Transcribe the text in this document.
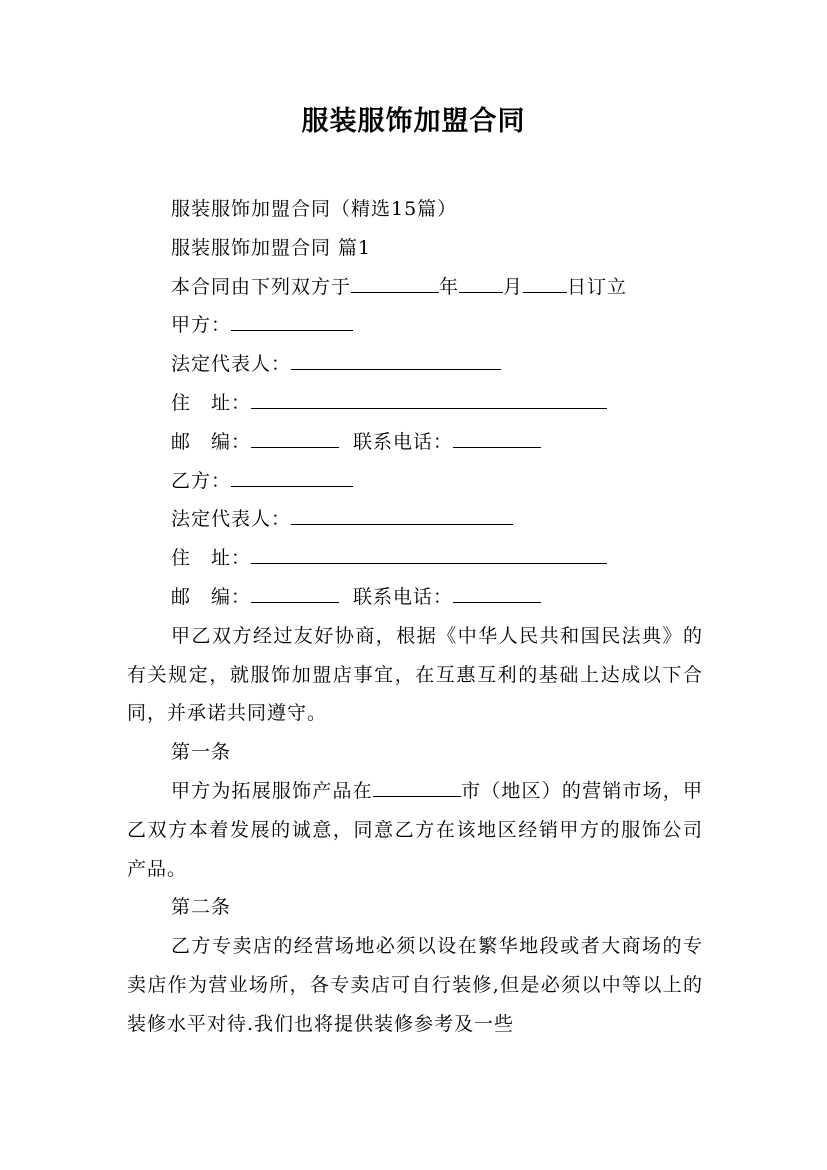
服装服饰加盟合同
服装服饰加盟合同（精选15篇）
服装服饰加盟合同 篇1
本合同由下列双方于	年 月 日订立
甲方：
法定代表人：
住　址：
邮　编：	联系电话：
乙方：
法定代表人：
住　址：
邮　编：	联系电话：
甲乙双方经过友好协商，根据《中华人民共和国民法典》的有关规定，就服饰加盟店事宜，在互惠互利的基础上达成以下合同，并承诺共同遵守。
第一条
甲方为拓展服饰产品在	市（地区）的营销市场，甲乙双方本着发展的诚意，同意乙方在该地区经销甲方的服饰公司产品。
第二条
乙方专卖店的经营场地必须以设在繁华地段或者大商场的专卖店作为营业场所，各专卖店可自行装修,但是必须以中等以上的装修水平对待.我们也将提供装修参考及一些
